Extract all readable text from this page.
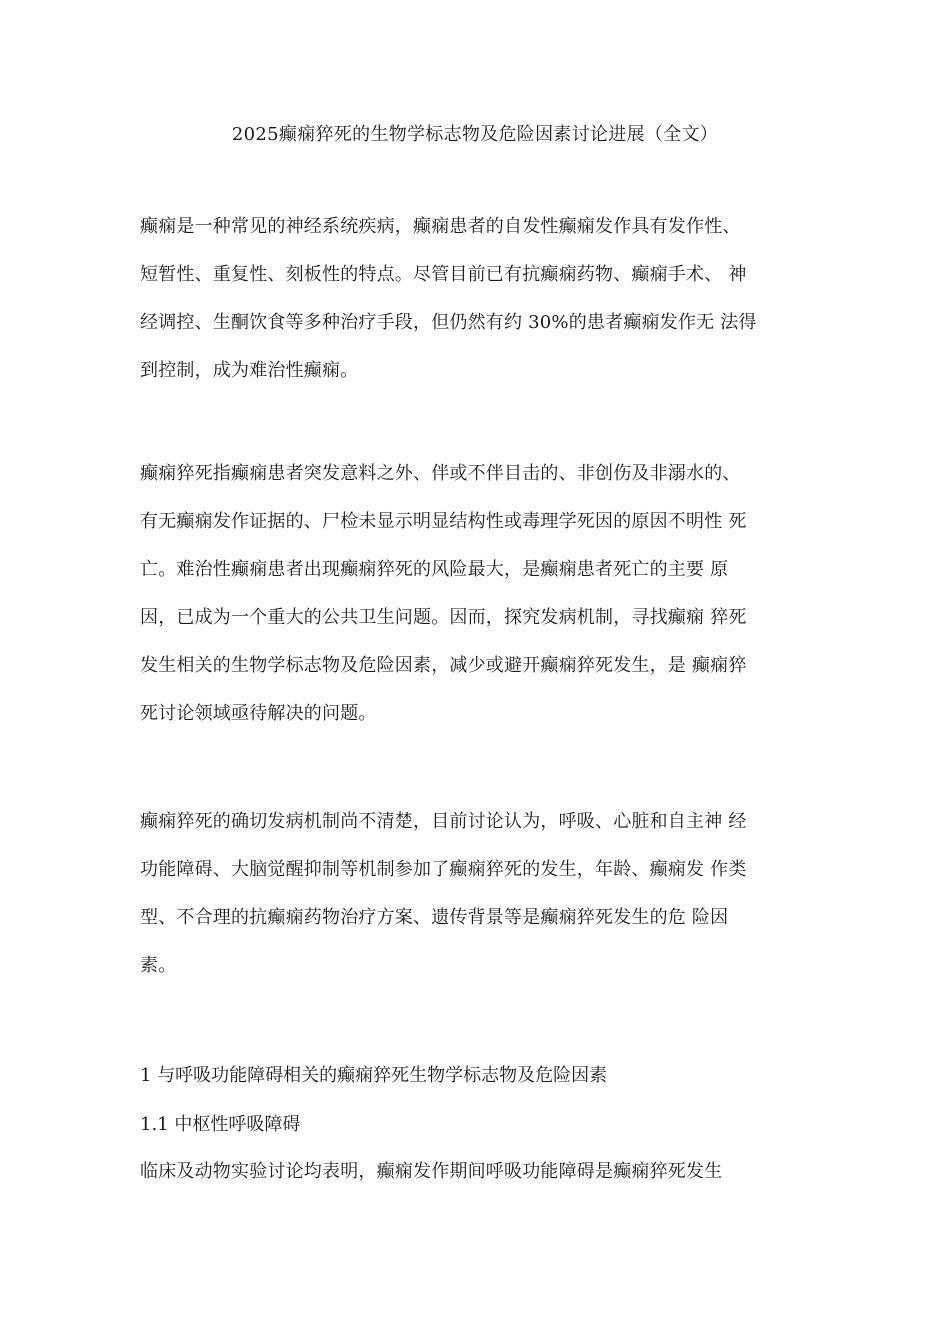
2025癫痫猝死的生物学标志物及危险因素讨论进展（全文）
癫痫是一种常见的神经系统疾病，癫痫患者的自发性癫痫发作具有发作性、
短暂性、重复性、刻板性的特点。尽管目前已有抗癫痫药物、癫痫手术、 神
经调控、生酮饮食等多种治疗手段，但仍然有约 30%的患者癫痫发作无 法得
到控制，成为难治性癫痫。
癫痫猝死指癫痫患者突发意料之外、伴或不伴目击的、非创伤及非溺水的、
有无癫痫发作证据的、尸检未显示明显结构性或毒理学死因的原因不明性 死
亡。难治性癫痫患者出现癫痫猝死的风险最大，是癫痫患者死亡的主要 原
因，已成为一个重大的公共卫生问题。因而，探究发病机制，寻找癫痫 猝死
发生相关的生物学标志物及危险因素，减少或避开癫痫猝死发生，是 癫痫猝
死讨论领域亟待解决的问题。
癫痫猝死的确切发病机制尚不清楚，目前讨论认为，呼吸、心脏和自主神 经
功能障碍、大脑觉醒抑制等机制参加了癫痫猝死的发生，年龄、癫痫发 作类
型、不合理的抗癫痫药物治疗方案、遗传背景等是癫痫猝死发生的危 险因
素。
1 与呼吸功能障碍相关的癫痫猝死生物学标志物及危险因素
1.1 中枢性呼吸障碍
临床及动物实验讨论均表明，癫痫发作期间呼吸功能障碍是癫痫猝死发生
